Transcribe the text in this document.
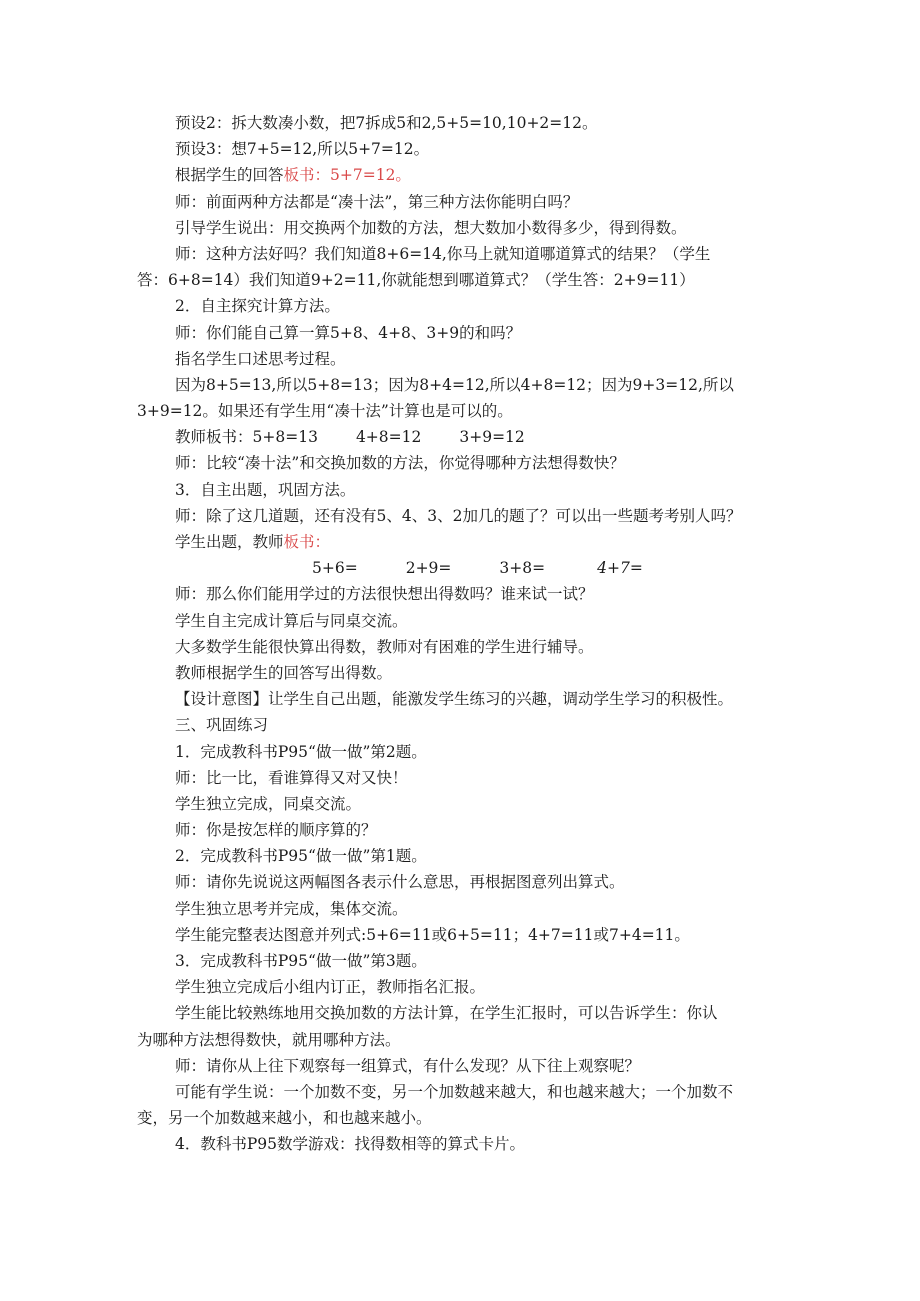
预设2：拆大数凑小数，把7拆成5和2,5+5=10,10+2=12。
预设3：想7+5=12,所以5+7=12。
根据学生的回答板书：5+7=12。
师：前面两种方法都是“凑十法”，第三种方法你能明白吗？
引导学生说出：用交换两个加数的方法，想大数加小数得多少，得到得数。
师：这种方法好吗？我们知道8+6=14,你马上就知道哪道算式的结果？（学生
答：6+8=14）我们知道9+2=11,你就能想到哪道算式？（学生答：2+9=11）
2．自主探究计算方法。
师：你们能自己算一算5+8、4+8、3+9的和吗？
指名学生口述思考过程。
因为8+5=13,所以5+8=13；因为8+4=12,所以4+8=12；因为9+3=12,所以
3+9=12。如果还有学生用“凑十法”计算也是可以的。
教师板书：5+8=13 4+8=12 3+9=12
师：比较“凑十法”和交换加数的方法，你觉得哪种方法想得数快？
3．自主出题，巩固方法。
师：除了这几道题，还有没有5、4、3、2加几的题了？可以出一些题考考别人吗？
学生出题，教师板书：
5+6=	2+9=	3+8=	4+7=
师：那么你们能用学过的方法很快想出得数吗？谁来试一试？
学生自主完成计算后与同桌交流。
大多数学生能很快算出得数，教师对有困难的学生进行辅导。
教师根据学生的回答写出得数。
【设计意图】让学生自己出题，能激发学生练习的兴趣，调动学生学习的积极性。
三、巩固练习
1．完成教科书P95“做一做”第2题。
师：比一比，看谁算得又对又快！
学生独立完成，同桌交流。
师：你是按怎样的顺序算的？
2．完成教科书P95“做一做”第1题。
师：请你先说说这两幅图各表示什么意思，再根据图意列出算式。
学生独立思考并完成，集体交流。
学生能完整表达图意并列式:5+6=11或6+5=11；4+7=11或7+4=11。
3．完成教科书P95“做一做”第3题。
学生独立完成后小组内订正，教师指名汇报。
学生能比较熟练地用交换加数的方法计算，在学生汇报时，可以告诉学生：你认
为哪种方法想得数快，就用哪种方法。
师：请你从上往下观察每一组算式，有什么发现？从下往上观察呢？
可能有学生说：一个加数不变，另一个加数越来越大，和也越来越大；一个加数不
变，另一个加数越来越小，和也越来越小。
4．教科书P95数学游戏：找得数相等的算式卡片。
